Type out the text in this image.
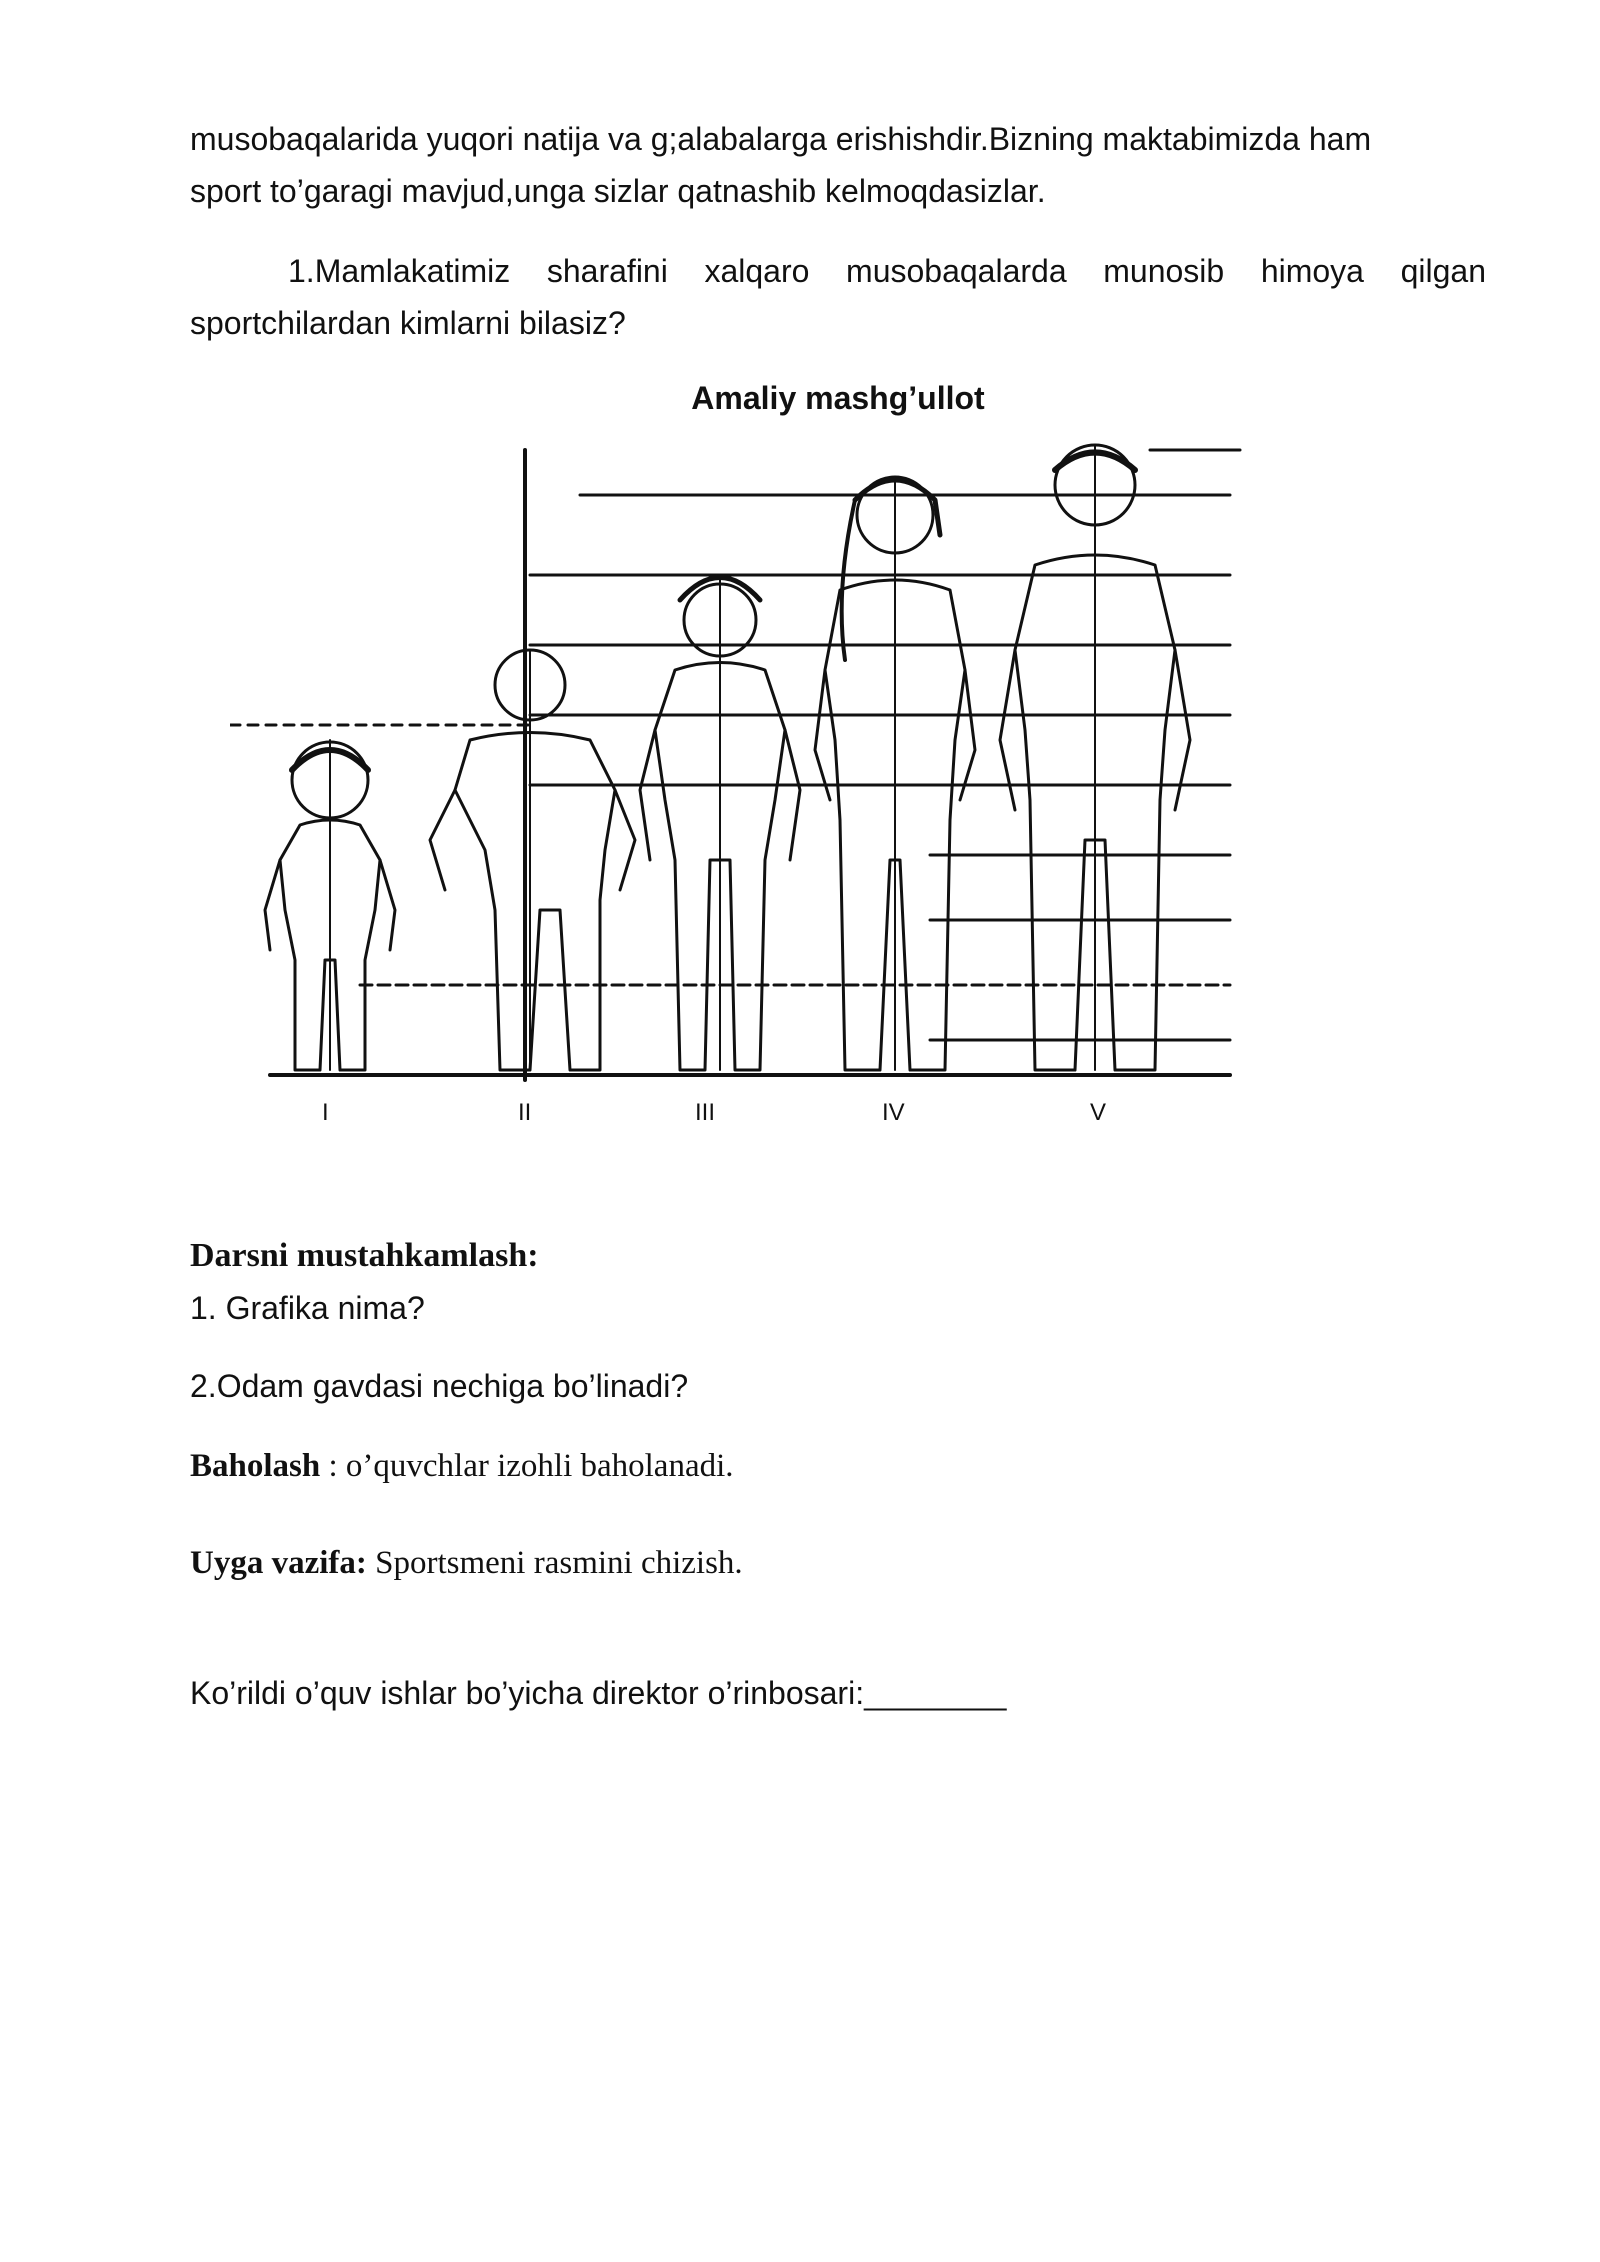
musobaqalarida yuqori natija va g;alabalarga erishishdir.Bizning maktabimizda ham

sport to’garagi mavjud,unga sizlar qatnashib kelmoqdasizlar.

1.Mamlakatimiz sharafini xalqaro musobaqalarda munosib himoya qilgan

sportchilardan kimlarni bilasiz?

Amaliy mashg’ullot
I	II	III	IV	V
Darsni mustahkamlash:
1. Grafika nima?
2.Odam gavdasi nechiga bo’linadi?
Baholash : o’quvchlar izohli baholanadi.
Uyga vazifa: Sportsmeni rasmini chizish.
Ko’rildi o’quv ishlar bo’yicha direktor o’rinbosari:________
